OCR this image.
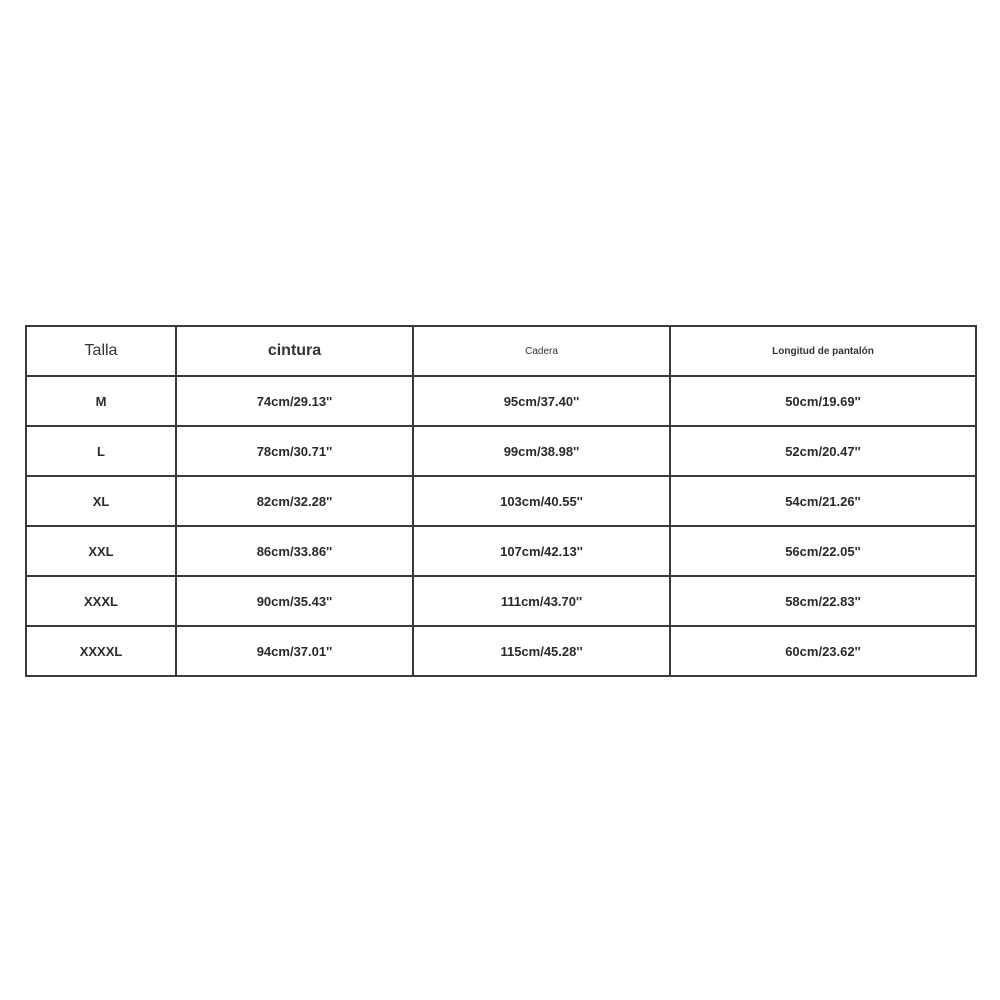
Talla	cintura	Cadera	Longitud de pantalón
M	74cm/29.13''	95cm/37.40''	50cm/19.69''
L	78cm/30.71''	99cm/38.98''	52cm/20.47''
XL	82cm/32.28''	103cm/40.55''	54cm/21.26''
XXL	86cm/33.86''	107cm/42.13''	56cm/22.05''
XXXL	90cm/35.43''	111cm/43.70''	58cm/22.83''
XXXXL	94cm/37.01''	115cm/45.28''	60cm/23.62''
